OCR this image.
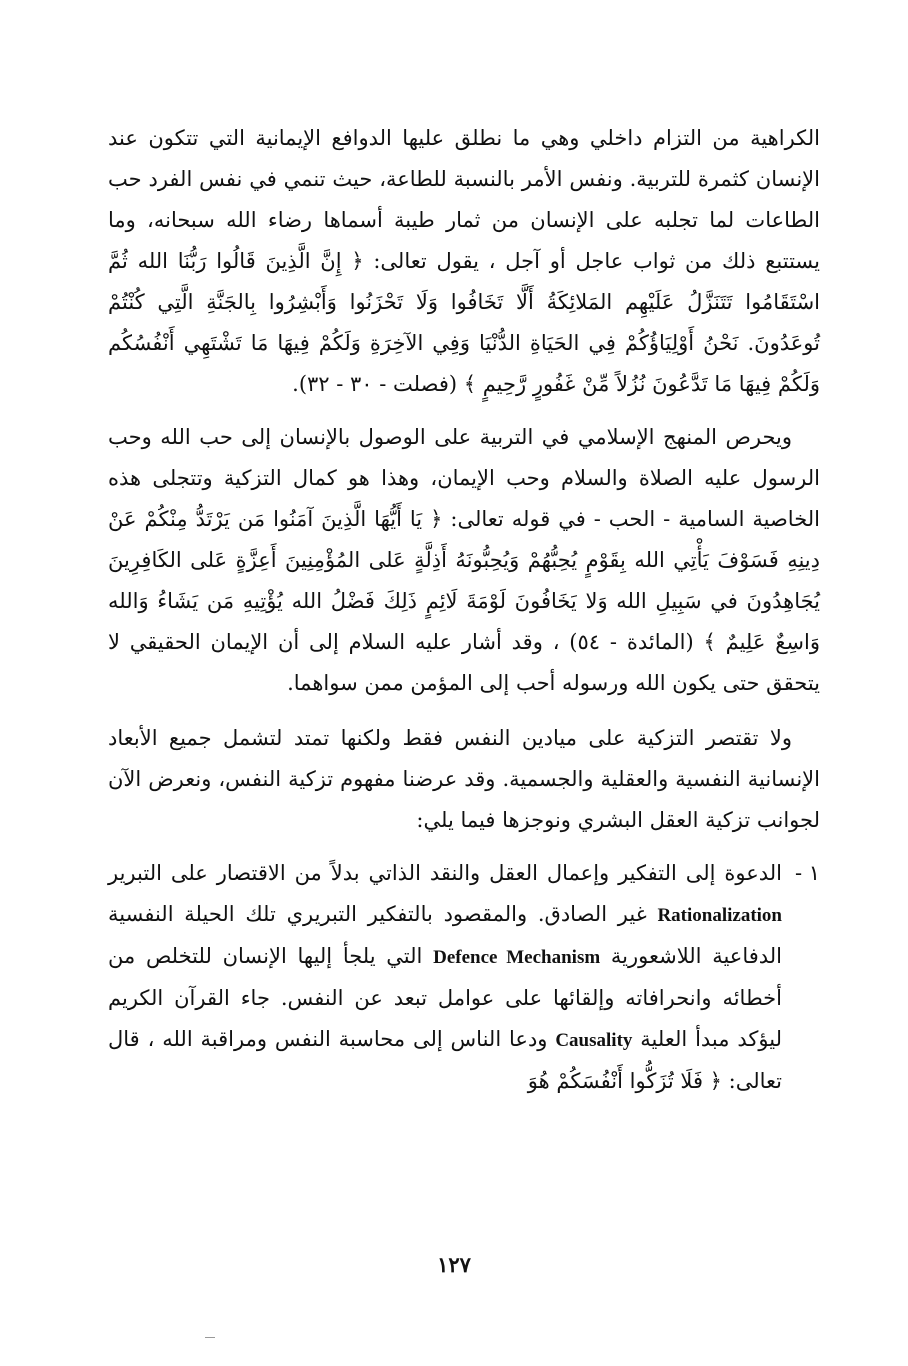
الكراهية من التزام داخلي وهي ما نطلق عليها الدوافع الإيمانية التي تتكون عند الإنسان كثمرة للتربية. ونفس الأمر بالنسبة للطاعة، حيث تنمي في نفس الفرد حب الطاعات لما تجلبه على الإنسان من ثمار طيبة أسماها رضاء الله سبحانه، وما يستتبع ذلك من ثواب عاجل أو آجل ، يقول تعالى: ﴿ إِنَّ الَّذِينَ قَالُوا رَبُّنَا الله ثُمَّ اسْتَقَامُوا تَتَنَزَّلُ عَلَيْهِم المَلائِكَةُ أَلَّا تَخَافُوا وَلَا تَحْزَنُوا وَأَبْشِرُوا بِالجَنَّةِ الَّتِي كُنْتُمْ تُوعَدُونَ. نَحْنُ أَوْلِيَاؤُكُمْ فِي الحَيَاةِ الدُّنْيَا وَفِي الآخِرَةِ وَلَكُمْ فِيهَا مَا تَشْتَهِي أَنْفُسُكُم وَلَكُمْ فِيهَا مَا تَدَّعُونَ نُزُلاً مِّنْ غَفُورٍ رَّحِيمٍ ﴾ (فصلت - ٣٠ - ٣٢).

ويحرص المنهج الإسلامي في التربية على الوصول بالإنسان إلى حب الله وحب الرسول عليه الصلاة والسلام وحب الإيمان، وهذا هو كمال التزكية وتتجلى هذه الخاصية السامية - الحب - في قوله تعالى: ﴿ يَا أَيُّهَا الَّذِينَ آمَنُوا مَن يَرْتَدُّ مِنْكُمْ عَنْ دِينِهِ فَسَوْفَ يَأْتِي الله بِقَوْمٍ يُحِبُّهُمْ وَيُحِبُّونَهُ أَذِلَّةٍ عَلى المُؤْمِنِينَ أَعِزَّةٍ عَلى الكَافِرِينَ يُجَاهِدُونَ في سَبِيلِ الله وَلا يَخَافُونَ لَوْمَةَ لَائِمٍ ذَلِكَ فَضْلُ الله يُؤْتِيهِ مَن يَشَاءُ وَالله وَاسِعٌ عَلِيمٌ ﴾ (المائدة - ٥٤) ، وقد أشار عليه السلام إلى أن الإيمان الحقيقي لا يتحقق حتى يكون الله ورسوله أحب إلى المؤمن ممن سواهما.

ولا تقتصر التزكية على ميادين النفس فقط ولكنها تمتد لتشمل جميع الأبعاد الإنسانية النفسية والعقلية والجسمية. وقد عرضنا مفهوم تزكية النفس، ونعرض الآن لجوانب تزكية العقل البشري ونوجزها فيما يلي:

١ -
الدعوة إلى التفكير وإعمال العقل والنقد الذاتي بدلاً من الاقتصار على التبرير Rationalization غير الصادق. والمقصود بالتفكير التبريري تلك الحيلة النفسية الدفاعية اللاشعورية Defence Mechanism التي يلجأ إليها الإنسان للتخلص من أخطائه وانحرافاته وإلقائها على عوامل تبعد عن النفس. جاء القرآن الكريم ليؤكد مبدأ العلية Causality ودعا الناس إلى محاسبة النفس ومراقبة الله ، قال تعالى: ﴿ فَلَا تُزَكُّوا أَنْفُسَكُمْ هُوَ
١٢٧
